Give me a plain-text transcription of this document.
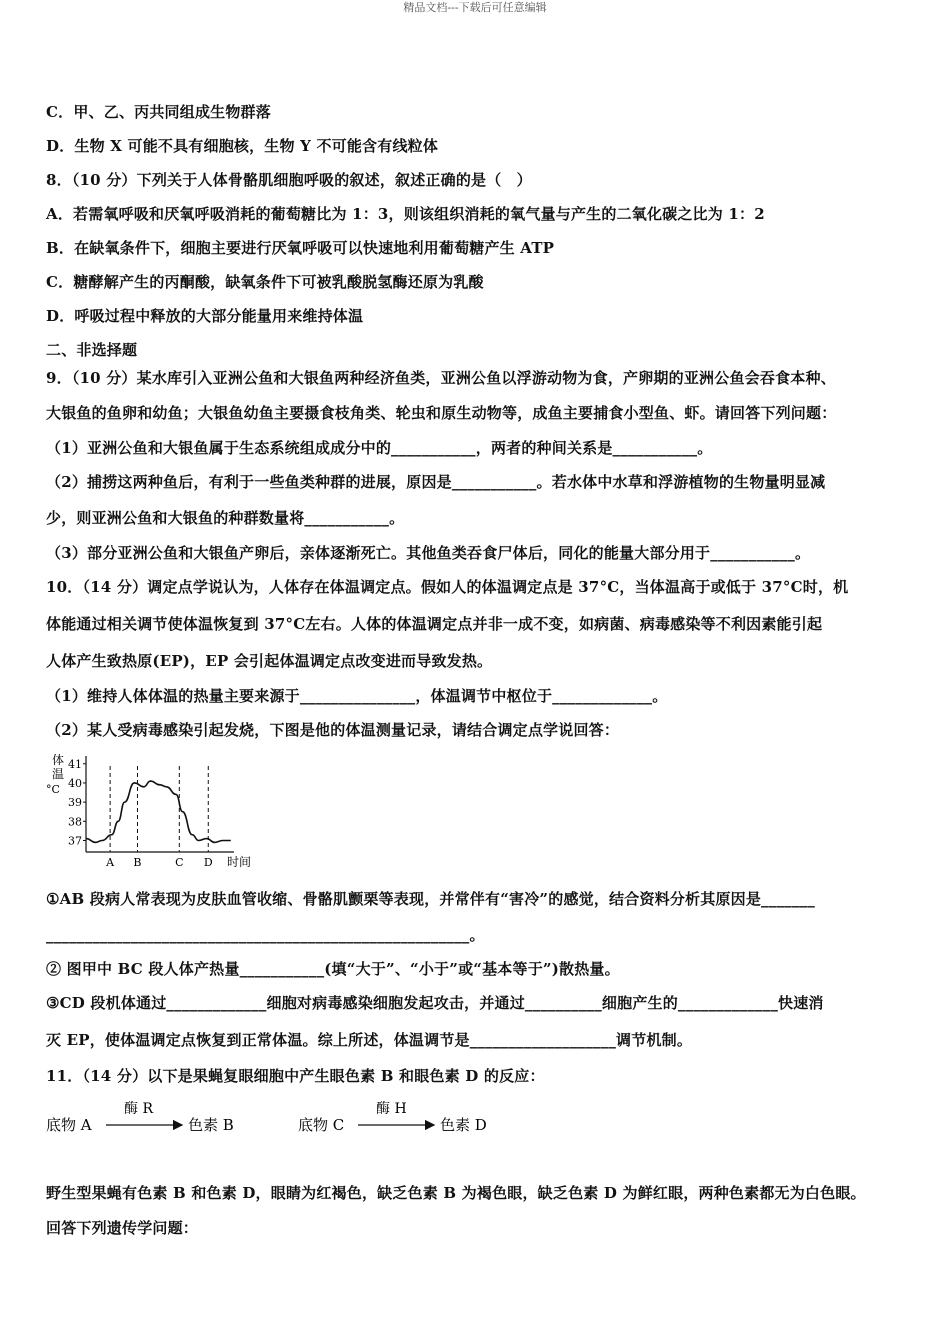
精品文档---下载后可任意编辑
C．甲、乙、丙共同组成生物群落
D．生物 X 可能不具有细胞核，生物 Y 不可能含有线粒体
8．（10 分）下列关于人体骨骼肌细胞呼吸的叙述，叙述正确的是（　）
A．若需氧呼吸和厌氧呼吸消耗的葡萄糖比为 1：3，则该组织消耗的氧气量与产生的二氧化碳之比为 1：2
B．在缺氧条件下，细胞主要进行厌氧呼吸可以快速地利用葡萄糖产生 ATP
C．糖酵解产生的丙酮酸，缺氧条件下可被乳酸脱氢酶还原为乳酸
D．呼吸过程中释放的大部分能量用来维持体温
二、非选择题
9．（10 分）某水库引入亚洲公鱼和大银鱼两种经济鱼类，亚洲公鱼以浮游动物为食，产卵期的亚洲公鱼会吞食本种、
大银鱼的鱼卵和幼鱼；大银鱼幼鱼主要摄食枝角类、轮虫和原生动物等，成鱼主要捕食小型鱼、虾。请回答下列问题：
（1）亚洲公鱼和大银鱼属于生态系统组成成分中的___________，两者的种间关系是___________。
（2）捕捞这两种鱼后，有利于一些鱼类种群的进展，原因是___________。若水体中水草和浮游植物的生物量明显减
少，则亚洲公鱼和大银鱼的种群数量将___________。
（3）部分亚洲公鱼和大银鱼产卵后，亲体逐渐死亡。其他鱼类吞食尸体后，同化的能量大部分用于___________。
10．（14 分）调定点学说认为，人体存在体温调定点。假如人的体温调定点是 37°C，当体温高于或低于 37°C时，机
体能通过相关调节使体温恢复到 37°C左右。人体的体温调定点并非一成不变，如病菌、病毒感染等不利因素能引起
人体产生致热原(EP)，EP 会引起体温调定点改变进而导致发热。
（1）维持人体体温的热量主要来源于_______________，体温调节中枢位于_____________。
（2）某人受病毒感染引起发烧，下图是他的体温测量记录，请结合调定点学说回答：
体
温
°C
37
38
39
40
41
A B	C D 时间
①AB 段病人常表现为皮肤血管收缩、骨骼肌颤栗等表现，并常伴有“害冷”的感觉，结合资料分析其原因是_______
_______________________________________________________。
② 图甲中 BC 段人体产热量___________(填“大于”、“小于”或“基本等于”)散热量。
③CD 段机体通过_____________细胞对病毒感染细胞发起攻击，并通过__________细胞产生的_____________快速消
灭 EP，使体温调定点恢复到正常体温。综上所述，体温调节是___________________调节机制。
11．（14 分）以下是果蝇复眼细胞中产生眼色素 B 和眼色素 D 的反应：
底物 A
酶 R
色素 B	底物 C
酶 H
色素 D
野生型果蝇有色素 B 和色素 D，眼睛为红褐色，缺乏色素 B 为褐色眼，缺乏色素 D 为鲜红眼，两种色素都无为白色眼。
回答下列遗传学问题：
